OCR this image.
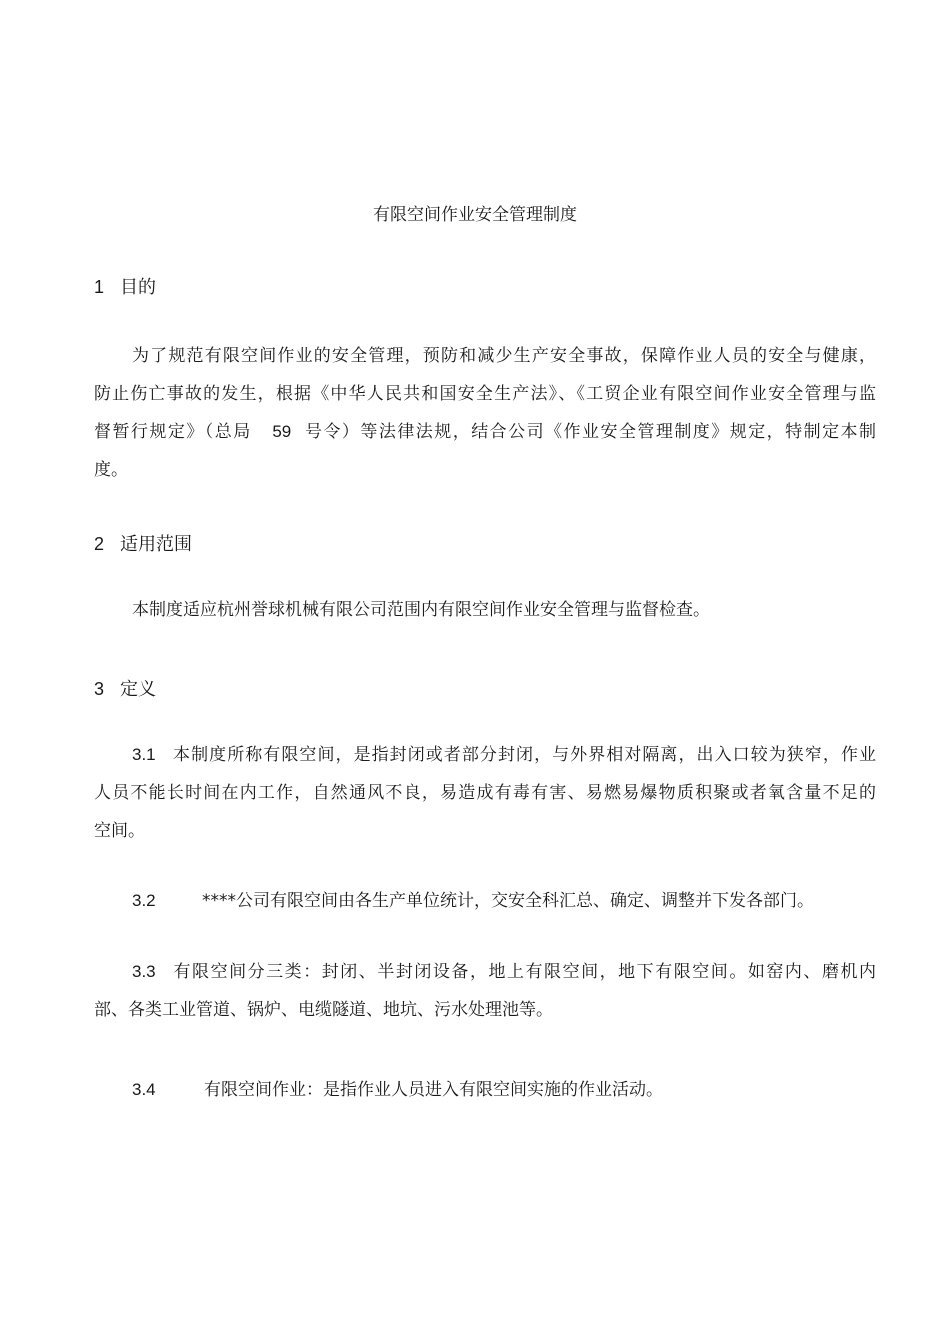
有限空间作业安全管理制度
1 目的
为了规范有限空间作业的安全管理，预防和减少生产安全事故，保障作业人员的安全与健康，
防止伤亡事故的发生，根据《中华人民共和国安全生产法》、《工贸企业有限空间作业安全管理与监
督暂行规定》（总局 59 号令）等法律法规，结合公司《作业安全管理制度》规定，特制定本制
度。
2 适用范围
本制度适应杭州誉球机械有限公司范围内有限空间作业安全管理与监督检查。
3 定义
3.1 本制度所称有限空间，是指封闭或者部分封闭，与外界相对隔离，出入口较为狭窄，作业
人员不能长时间在内工作，自然通风不良，易造成有毒有害、易燃易爆物质积聚或者氧含量不足的
空间。
3.2	****公司有限空间由各生产单位统计，交安全科汇总、确定、调整并下发各部门。
3.3 有限空间分三类：封闭、半封闭设备，地上有限空间，地下有限空间。如窑内、磨机内
部、各类工业管道、锅炉、电缆隧道、地坑、污水处理池等。
3.4	有限空间作业：是指作业人员进入有限空间实施的作业活动。
